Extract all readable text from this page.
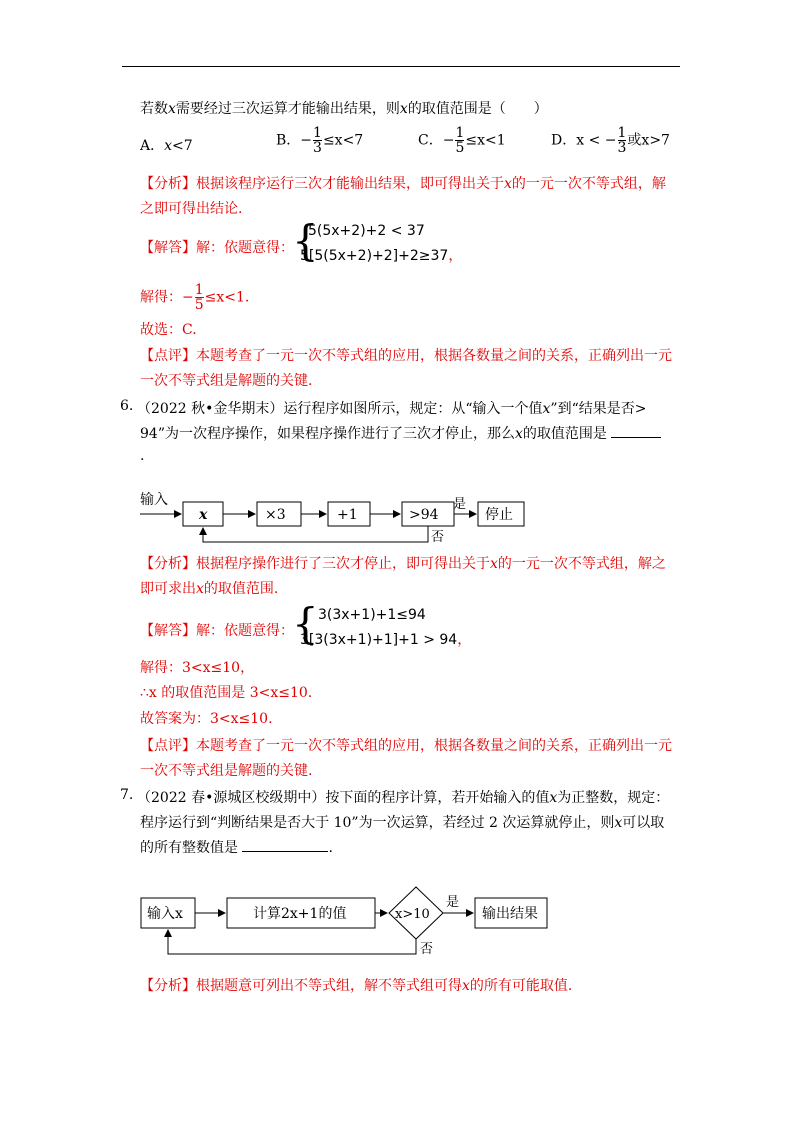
若数x需要经过三次运算才能输出结果，则x的取值范围是（　　）
A．x<7	B．− $\frac{1}{3} \le x<7$	C．− $\frac{1}{5} \le x<1$	D．x < − $\frac{1}{3}$ 或x>7
【分析】根据该程序运行三次才能输出结果，即可得出关于x的一元一次不等式组，解
之即可得出结论.
【解答】解：依题意得：
{
5(5x+2)+2 < 37
5[5(5x+2)+2]+2≥37，
解得：− $\frac{1}{5} \le x<1$.
故选：C.
【点评】本题考查了一元一次不等式组的应用，根据各数量之间的关系，正确列出一元
一次不等式组是解题的关键.
6. （2022 秋•金华期末）运行程序如图所示，规定：从“输入一个值x”到“结果是否>
94”为一次程序操作，如果程序操作进行了三次才停止，那么x的取值范围是
.
输入
x	×3	+1	>94
是
停止
否
【分析】根据程序操作进行了三次才停止，即可得出关于x的一元一次不等式组，解之
即可求出x的取值范围.
【解答】解：依题意得：
{ 3(3x+1)+1≤94
3[3(3x+1)+1]+1 > 94，
解得：3<x≤10，
∴x 的取值范围是 3<x≤10.
故答案为：3<x≤10.
【点评】本题考查了一元一次不等式组的应用，根据各数量之间的关系，正确列出一元
一次不等式组是解题的关键.
7. （2022 春•源城区校级期中）按下面的程序计算，若开始输入的值x为正整数，规定：
程序运行到“判断结果是否大于 10”为一次运算，若经过 2 次运算就停止，则x可以取
的所有整数值是	.
输入x	计算2x+1的值	x>10
是
输出结果
否
【分析】根据题意可列出不等式组，解不等式组可得x的所有可能取值.
